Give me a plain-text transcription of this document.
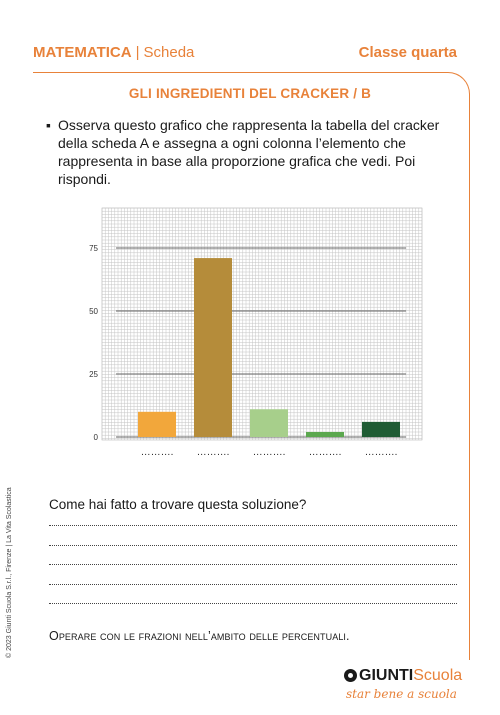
MATEMATICA | Scheda	Classe quarta
GLI INGREDIENTI DEL CRACKER / B
▪ Osserva questo grafico che rappresenta la tabella del cracker della scheda A e assegna a ogni colonna l’elemento che rappresenta in base alla proporzione grafica che vedi. Poi rispondi.
0
25
50
75
………. ………. ………. ………. ……….
Come hai fatto a trovare questa soluzione?
Operare con le frazioni nell’ambito delle percentuali.
© 2023 Giunti Scuola S.r.l., Firenze | La Vita Scolastica
GIUNTIScuola
star bene a scuola
